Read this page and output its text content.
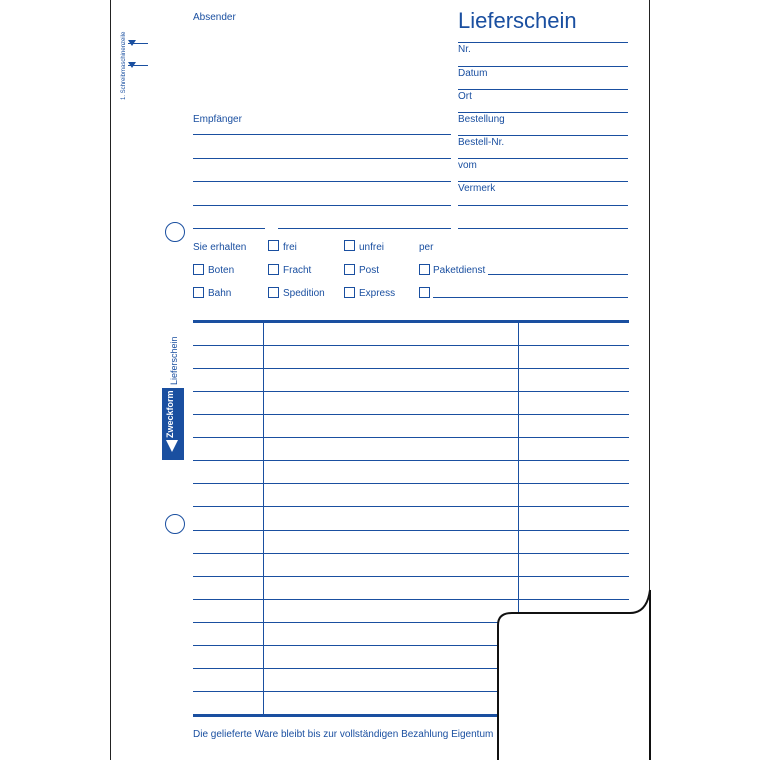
1. Schreibmaschinenzeile
Absender
Empfänger
Lieferschein
Nr.
Datum
Ort
Bestellung
Bestell-Nr.
vom
Vermerk
Sie erhalten	frei	unfrei	per
Boten	Fracht	Post	Paketdienst
Bahn	Spedition	Express
Lieferschein
Zweckform
Die gelieferte Ware bleibt bis zur vollständigen Bezahlung Eigentum
